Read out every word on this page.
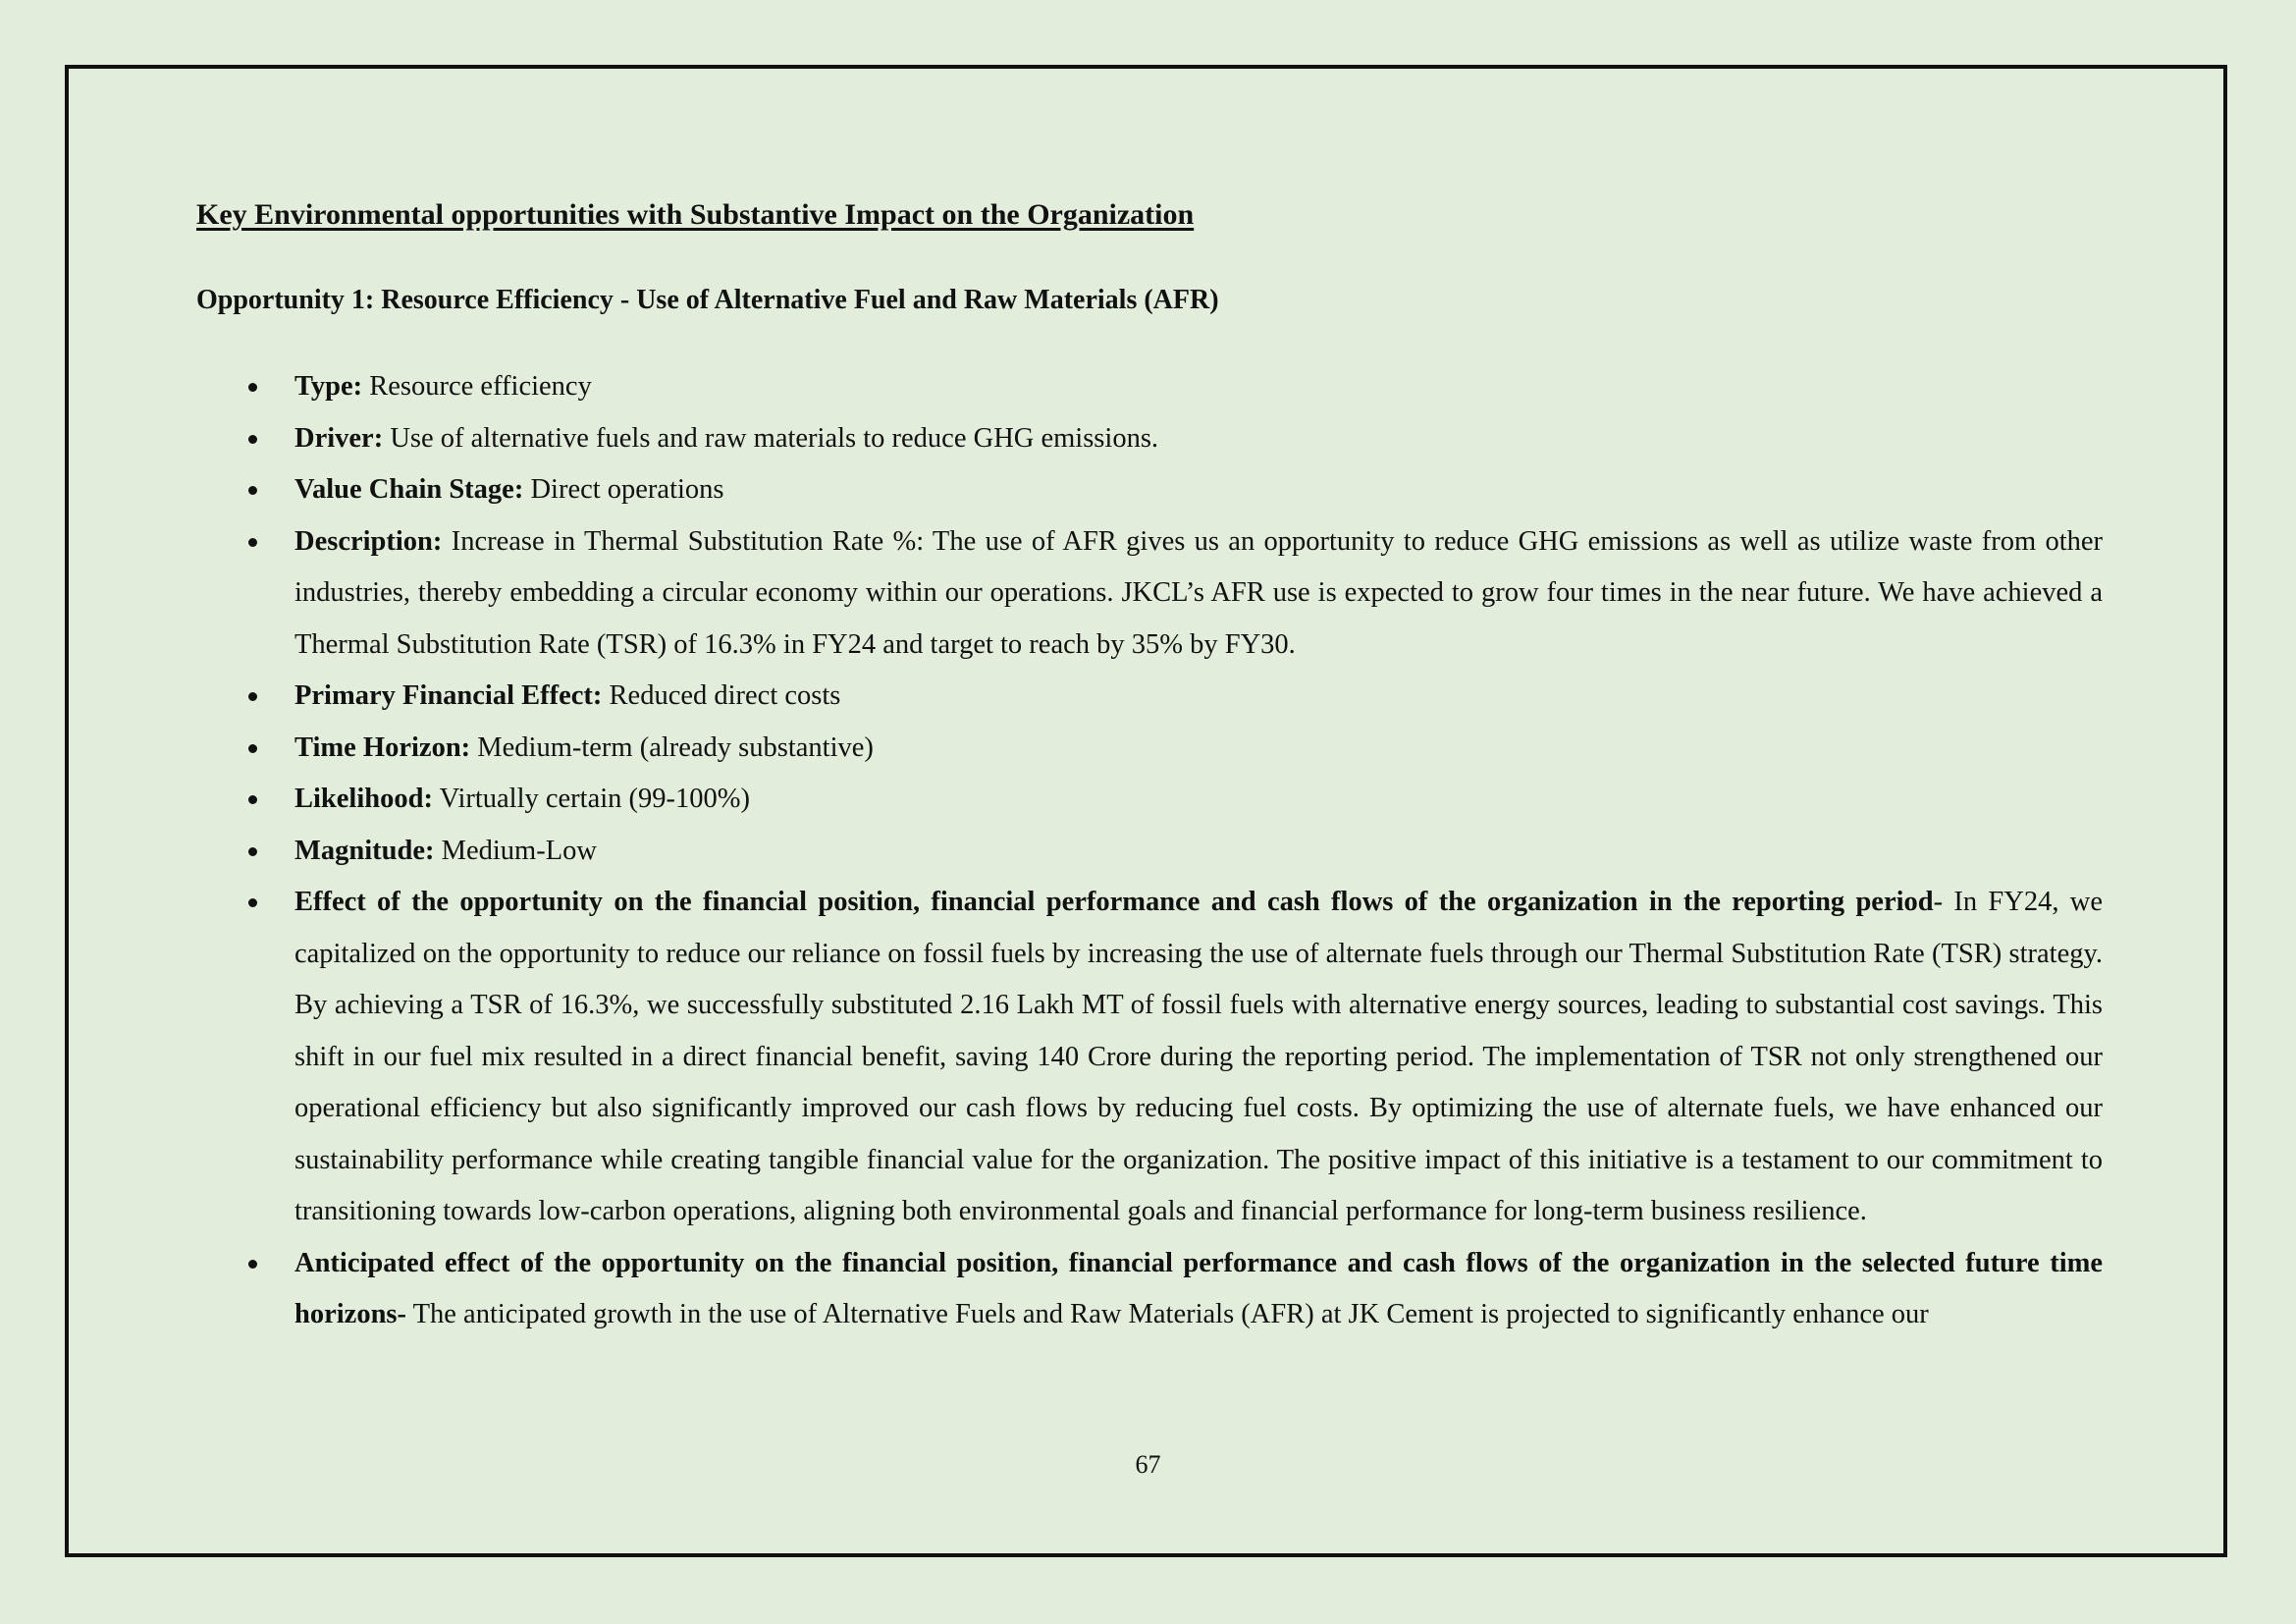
Key Environmental opportunities with Substantive Impact on the Organization
Opportunity 1: Resource Efficiency - Use of Alternative Fuel and Raw Materials (AFR)
Type: Resource efficiency
Driver: Use of alternative fuels and raw materials to reduce GHG emissions.
Value Chain Stage: Direct operations
Description: Increase in Thermal Substitution Rate %: The use of AFR gives us an opportunity to reduce GHG emissions as well as utilize waste from other industries, thereby embedding a circular economy within our operations. JKCL’s AFR use is expected to grow four times in the near future. We have achieved a Thermal Substitution Rate (TSR) of 16.3% in FY24 and target to reach by 35% by FY30.
Primary Financial Effect: Reduced direct costs
Time Horizon: Medium-term (already substantive)
Likelihood: Virtually certain (99-100%)
Magnitude: Medium-Low
Effect of the opportunity on the financial position, financial performance and cash flows of the organization in the reporting period- In FY24, we capitalized on the opportunity to reduce our reliance on fossil fuels by increasing the use of alternate fuels through our Thermal Substitution Rate (TSR) strategy. By achieving a TSR of 16.3%, we successfully substituted 2.16 Lakh MT of fossil fuels with alternative energy sources, leading to substantial cost savings. This shift in our fuel mix resulted in a direct financial benefit, saving 140 Crore during the reporting period. The implementation of TSR not only strengthened our operational efficiency but also significantly improved our cash flows by reducing fuel costs. By optimizing the use of alternate fuels, we have enhanced our sustainability performance while creating tangible financial value for the organization. The positive impact of this initiative is a testament to our commitment to transitioning towards low-carbon operations, aligning both environmental goals and financial performance for long-term business resilience.
Anticipated effect of the opportunity on the financial position, financial performance and cash flows of the organization in the selected future time horizons- The anticipated growth in the use of Alternative Fuels and Raw Materials (AFR) at JK Cement is projected to significantly enhance our
67
